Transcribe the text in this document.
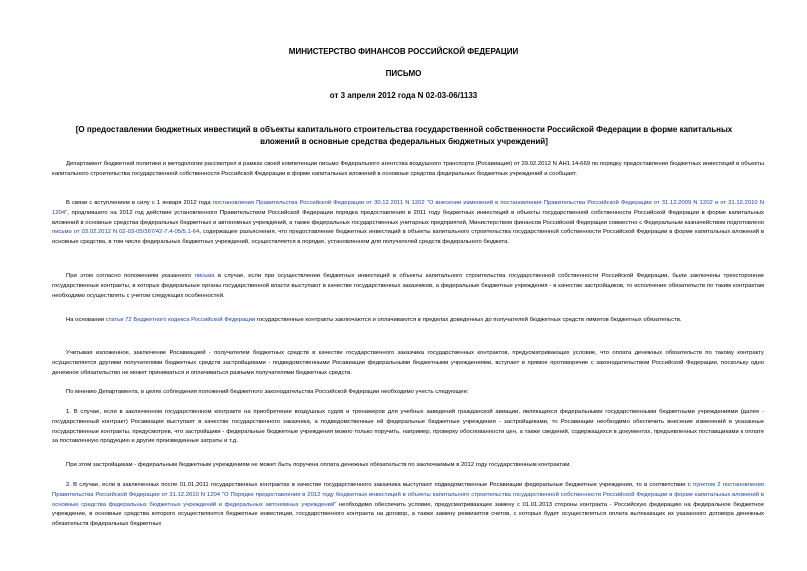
МИНИСТЕРСТВО ФИНАНСОВ РОССИЙСКОЙ ФЕДЕРАЦИИ
ПИСЬМО
от 3 апреля 2012 года N 02-03-06/1133
[О предоставлении бюджетных инвестиций в объекты капитального строительства государственной собственности Российской Федерации в форме капитальных вложений в основные средства федеральных бюджетных учреждений]

Департамент бюджетной политики и методологии рассмотрел в рамках своей компетенции письмо Федерального агентства воздушного транспорта (Росавиация) от 29.02.2012 N АН1.14-669 по порядку предоставления бюджетных инвестиций в объекты капитального строительства государственной собственности Российской Федерации в форме капитальных вложений в основные средства федеральных бюджетных учреждений и сообщает.

В связи с вступлением в силу с 1 января 2012 года постановления Правительства Российской Федерации от 30.12.2011 N 1202 "О внесении изменений в постановления Правительства Российской Федерации от 31.12.2009 N 1202 и от 31.12.2010 N 1204", продлившего на 2012 год действие установленного Правительством Российской Федерации порядка предоставления в 2011 году бюджетных инвестиций в объекты государственной собственности Российской Федерации в форме капитальных вложений в основные средства федеральных бюджетных и автономных учреждений, а также федеральных государственных унитарных предприятий, Министерством финансов Российской Федерации совместно с Федеральным казначейством подготовлено письмо от 03.02.2012 N 02-03-05/367/42-7.4-05/5.1-64, содержащее разъяснения, что предоставление бюджетных инвестиций в объекты капитального строительства государственной собственности Российской Федерации в форме капитальных вложений в основные средства, в том числе федеральных бюджетных учреждений, осуществляется в порядке, установленном для получателей средств федерального бюджета.

При этом согласно положениям указанного письма в случае, если при осуществлении бюджетных инвестиций в объекты капитального строительства государственной собственности Российской Федерации, были заключены трехсторонние государственные контракты, в которых федеральные органы государственной власти выступают в качестве государственных заказчиков, а федеральные бюджетные учреждения - в качестве застройщиков, то исполнение обязательств по таким контрактам необходимо осуществлять с учетом следующих особенностей.

На основании статьи 72 Бюджетного кодекса Российской Федерации государственные контракты заключаются и оплачиваются в пределах доведенных до получателей бюджетных средств лимитов бюджетных обязательств.

Учитывая изложенное, заключение Росавиацией - получателем бюджетных средств в качестве государственного заказчика государственных контрактов, предусматривающих условие, что оплата денежных обязательств по такому контракту осуществляется другими получателями бюджетных средств застройщиками - подведомственными Росавиации федеральными бюджетными учреждениями, вступает в прямое противоречие с законодательством Российской Федерации, поскольку одно денежное обязательство не может приниматься и оплачиваться разными получателями бюджетных средств.

По мнению Департамента, в целях соблюдения положений бюджетного законодательства Российской Федерации необходимо учесть следующее:

1. В случае, если в заключенном государственном контракте на приобретение воздушных судов и тренажеров для учебных заведений гражданской авиации, являющихся федеральными государственными бюджетными учреждениями (далее - государственный контракт) Росавиация выступает в качестве государственного заказчика, а подведомственные ей федеральные бюджетные учреждения - застройщиками, то Росавиации необходимо обеспечить внесение изменений в указанные государственные контракты, предусмотрев, что застройщики - федеральные бюджетные учреждения можно только поручить, например, проверку обоснованности цен, а также сведений, содержащихся в документах, предъявленных поставщиками к оплате за поставленную продукцию и другие произведенные затраты и т.д.

При этом застройщикам - федеральным бюджетным учреждениям не может быть поручена оплата денежных обязательств по заключаемым в 2012 году государственным контрактам.

2. В случае, если в заключенных после 01.01.2011 государственных контрактах в качестве государственного заказчика выступают подведомственные Росавиации федеральные бюджетные учреждения, то в соответствии с пунктом 2 постановления Правительства Российской Федерации от 31.12.2010 N 1204 "О Порядке предоставления в 2012 году бюджетных инвестиций в объекты капитального строительства государственной собственности Российской Федерации в форме капитальных вложений в основные средства федеральных бюджетных учреждений и федеральных автономных учреждений" необходимо обеспечить условие, предусматривающее замену с 01.01.2013 стороны контракта - Российскую федерацию на федеральное бюджетное учреждение, в основные средства которого осуществляются бюджетные инвестиции, государственного контракта на договор, а также замену реквизитов счетов, с которых будет осуществляться оплата вытекающих из указанного договора денежных обязательств федеральных бюджетных
